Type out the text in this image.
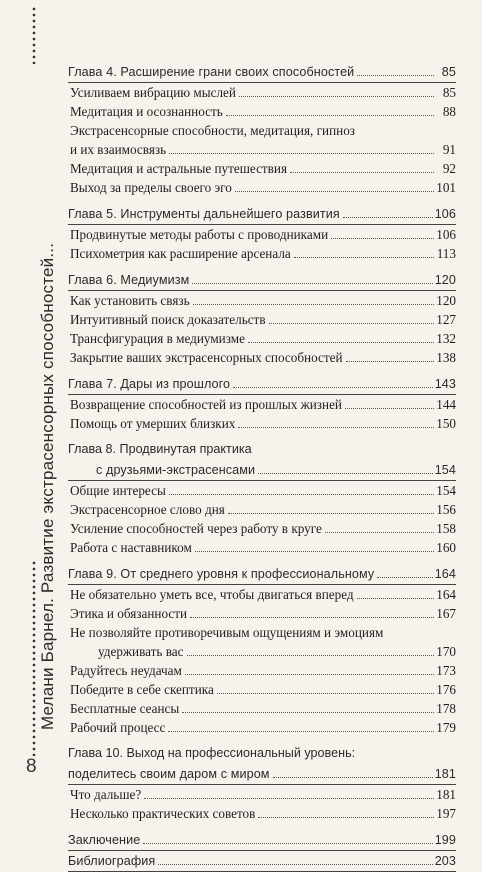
Мелани Барнел. Развитие экстрасенсорных способностей...
8
Глава 4. Расширение грани своих способностей	85
Усиливаем вибрацию мыслей	85
Медитация и осознанность	88
Экстрасенсорные способности, медитация, гипноз
и их взаимосвязь	91
Медитация и астральные путешествия	92
Выход за пределы своего эго	101
Глава 5. Инструменты дальнейшего развития	106
Продвинутые методы работы с проводниками	106
Психометрия как расширение арсенала	113
Глава 6. Медиумизм	120
Как установить связь	120
Интуитивный поиск доказательств	127
Трансфигурация в медиумизме	132
Закрытие ваших экстрасенсорных способностей	138
Глава 7. Дары из прошлого	143
Возвращение способностей из прошлых жизней	144
Помощь от умерших близких	150
Глава 8. Продвинутая практика
с друзьями-экстрасенсами	154
Общие интересы	154
Экстрасенсорное слово дня	156
Усиление способностей через работу в круге	158
Работа с наставником	160
Глава 9. От среднего уровня к профессиональному	164
Не обязательно уметь все, чтобы двигаться вперед	164
Этика и обязанности	167
Не позволяйте противоречивым ощущениям и эмоциям
удерживать вас	170
Радуйтесь неудачам	173
Победите в себе скептика	176
Бесплатные сеансы	178
Рабочий процесс	179
Глава 10. Выход на профессиональный уровень:
поделитесь своим даром с миром	181
Что дальше?	181
Несколько практических советов	197
Заключение	199
Библиография	203
